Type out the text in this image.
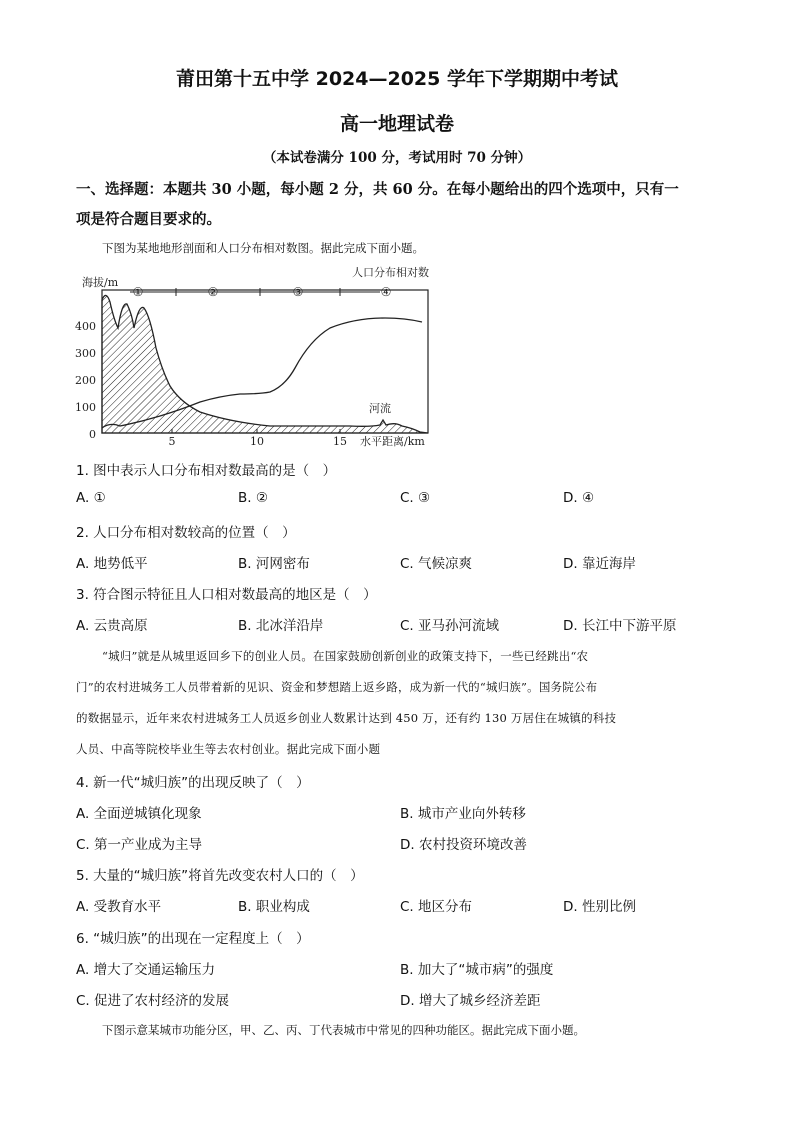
莆田第十五中学 2024—2025 学年下学期期中考试
高一地理试卷
（本试卷满分 100 分，考试用时 70 分钟）
一、选择题：本题共 30 小题，每小题 2 分，共 60 分。在每小题给出的四个选项中，只有一
项是符合题目要求的。
下图为某地地形剖面和人口分布相对数图。据此完成下面小题。
400
300
200
100
0
5	10	15 水平距离/km
海拔/m
人口分布相对数
河流
①	②	③	④
1. 图中表示人口分布相对数最高的是（　）
A. ①	B. ②	C. ③	D. ④
2. 人口分布相对数较高的位置（　）
A. 地势低平	B. 河网密布	C. 气候凉爽	D. 靠近海岸
3. 符合图示特征且人口相对数最高的地区是（　）
A. 云贵高原	B. 北冰洋沿岸	C. 亚马孙河流域	D. 长江中下游平原
“城归”就是从城里返回乡下的创业人员。在国家鼓励创新创业的政策支持下，一些已经跳出“农
门”的农村进城务工人员带着新的见识、资金和梦想踏上返乡路，成为新一代的“城归族”。国务院公布
的数据显示，近年来农村进城务工人员返乡创业人数累计达到 450 万，还有约 130 万居住在城镇的科技
人员、中高等院校毕业生等去农村创业。据此完成下面小题
4. 新一代“城归族”的出现反映了（　）
A. 全面逆城镇化现象	B. 城市产业向外转移
C. 第一产业成为主导	D. 农村投资环境改善
5. 大量的“城归族”将首先改变农村人口的（　）
A. 受教育水平	B. 职业构成	C. 地区分布	D. 性别比例
6. “城归族”的出现在一定程度上（　）
A. 增大了交通运输压力	B. 加大了“城市病”的强度
C. 促进了农村经济的发展	D. 增大了城乡经济差距
下图示意某城市功能分区，甲、乙、丙、丁代表城市中常见的四种功能区。据此完成下面小题。
